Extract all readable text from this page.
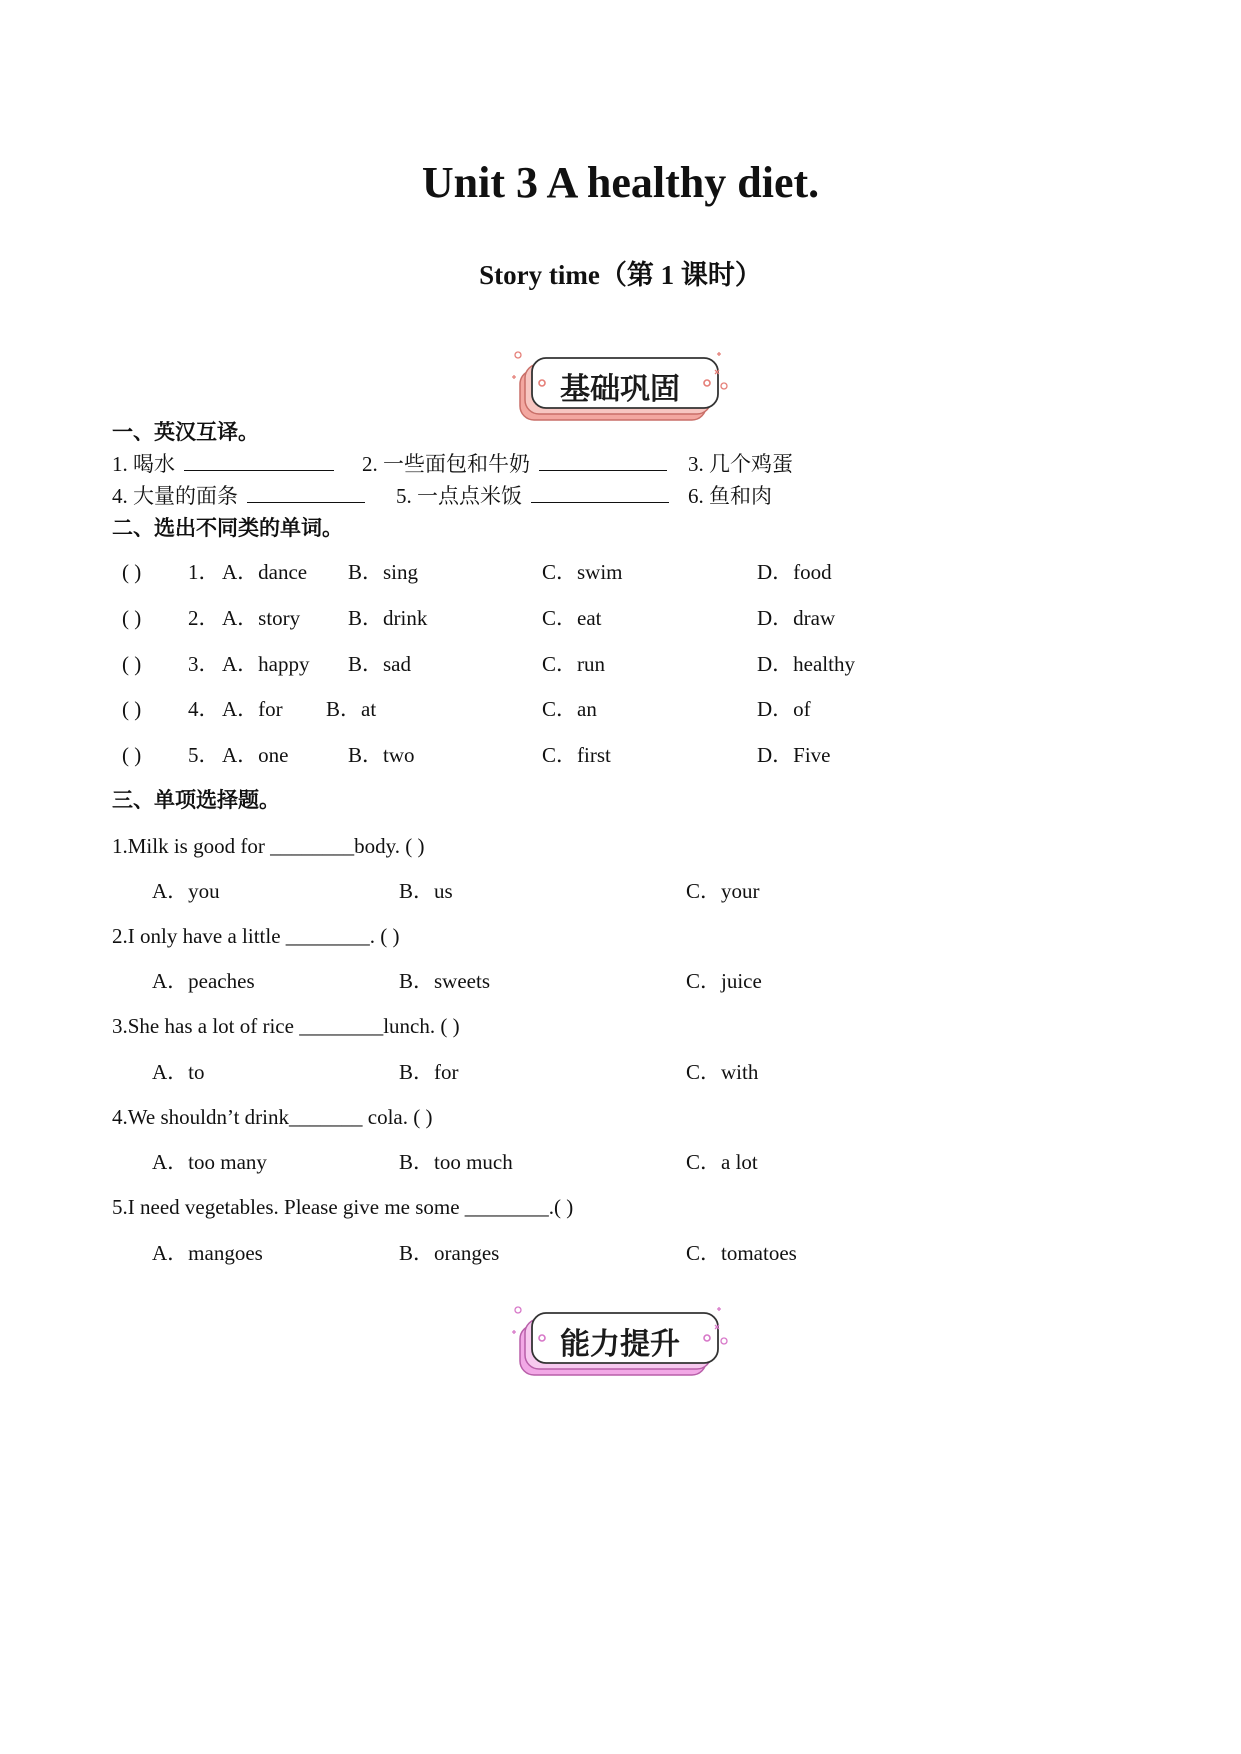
Unit 3 A healthy diet.
Story time（第 1 课时）
基础巩固
一、英汉互译。
1. 喝水	2. 一些面包和牛奶	3. 几个鸡蛋
4. 大量的面条	5. 一点点米饭	6. 鱼和肉
二、选出不同类的单词。
( ) 1． A．dance B．sing	C．swim	D．food
( ) 2． A．story B．drink	C．eat	D．draw
( ) 3． A．happy B．sad	C．run	D．healthy
( ) 4． A．for B．at	C．an	D．of
( ) 5． A．one	B．two	C．first	D．Five
三、单项选择题。
1.Milk is good for ________body. ( )
A．you	B．us	C．your
2.I only have a little ________. ( )
A．peaches	B．sweets	C．juice
3.She has a lot of rice ________lunch. ( )
A．to	B．for	C．with
4.We shouldn’t drink_______ cola. ( )
A．too many	B．too much	C．a lot
5.I need vegetables. Please give me some ________.( )
A．mangoes	B．oranges	C．tomatoes
能力提升
